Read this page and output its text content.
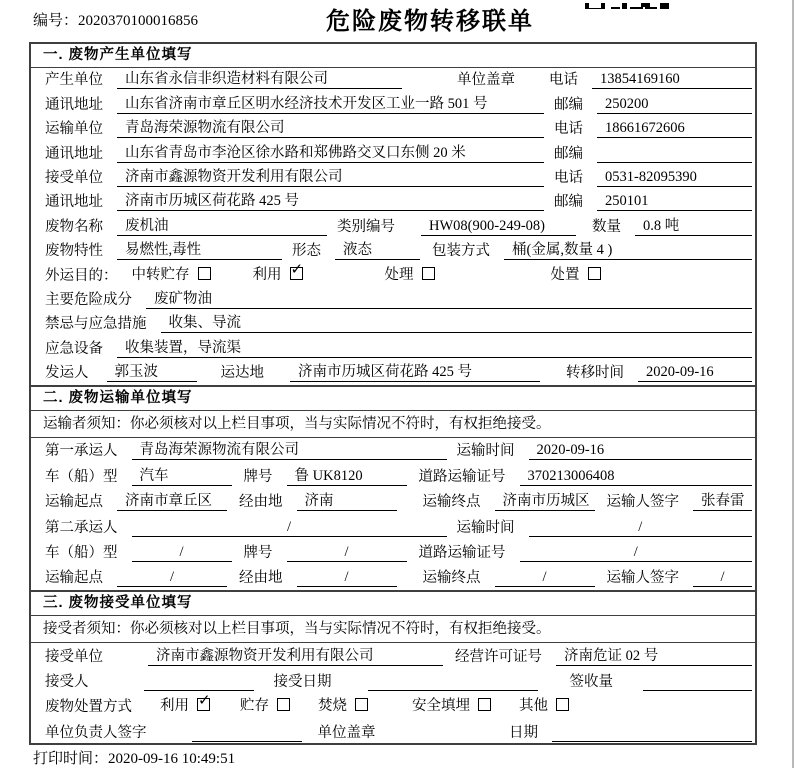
编号：2020370100016856	危险废物转移联单
一. 废物产生单位填写
产生单位	山东省永信非织造材料有限公司	单位盖章 电话	13854169160
通讯地址	山东省济南市章丘区明水经济技术开发区工业一路 501 号	邮编	250200
运输单位	青岛海荣源物流有限公司	电话	18661672606
通讯地址	山东省青岛市李沧区徐水路和郑佛路交叉口东侧 20 米	邮编
接受单位	济南市鑫源物资开发利用有限公司	电话	0531-82095390
通讯地址	济南市历城区荷花路 425 号	邮编	250101
废物名称	废机油	类别编号	HW08(900-249-08)	数量	0.8 吨
废物特性	易燃性,毒性	形态	液态	包装方式	桶(金属,数量 4 )
外运目的： 中转贮存	利用 ✓	处理	处置
主要危险成分	废矿物油
禁忌与应急措施	收集、导流
应急设备	收集装置，导流渠
发运人	郭玉波	运达地	济南市历城区荷花路 425 号	转移时间	2020-09-16
二. 废物运输单位填写
运输者须知：你必须核对以上栏目事项，当与实际情况不符时，有权拒绝接受。
第一承运人	青岛海荣源物流有限公司	运输时间	2020-09-16
车（船）型	汽车	牌号	鲁 UK8120	道路运输证号	370213006408
运输起点	济南市章丘区	经由地	济南	运输终点	济南市历城区	运输人签字	张春雷
第二承运人	/	运输时间	/
车（船）型	/	牌号	/	道路运输证号	/
运输起点	/	经由地	/	运输终点	/	运输人签字	/
三. 废物接受单位填写
接受者须知：你必须核对以上栏目事项，当与实际情况不符时，有权拒绝接受。
接受单位	济南市鑫源物资开发利用有限公司	经营许可证号	济南危证 02 号
接受人	接受日期	签收量
废物处置方式 利用 ✓ 贮存	焚烧	安全填埋	其他
单位负责人签字	单位盖章	日期
打印时间：2020-09-16 10:49:51
